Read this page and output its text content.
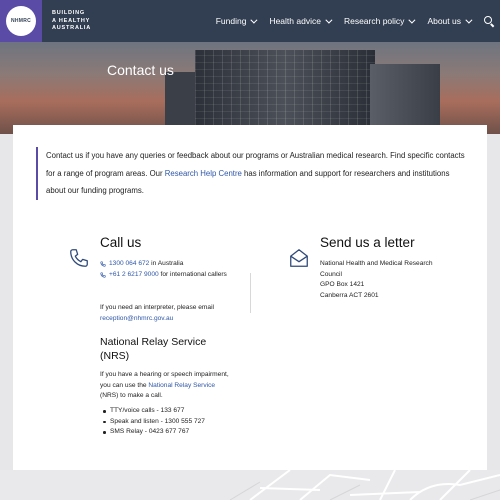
NHMRC
BUILDING
A HEALTHY
AUSTRALIA
Funding	Health advice	Research policy	About us
Contact us
Contact us if you have any queries or feedback about our programs or Australian medical research. Find specific contacts for a range of program areas. Our Research Help Centre has information and support for researchers and institutions about our funding programs.
Call us
1300 064 672 in Australia
+61 2 6217 9000 for international callers
If you need an interpreter, please email
reception@nhmrc.gov.au
National Relay Service (NRS)
If you have a hearing or speech impairment, you can use the National Relay Service (NRS) to make a call.
TTY/voice calls - 133 677
Speak and listen - 1300 555 727
SMS Relay - 0423 677 767
Send us a letter
National Health and Medical Research Council
GPO Box 1421
Canberra ACT 2601
